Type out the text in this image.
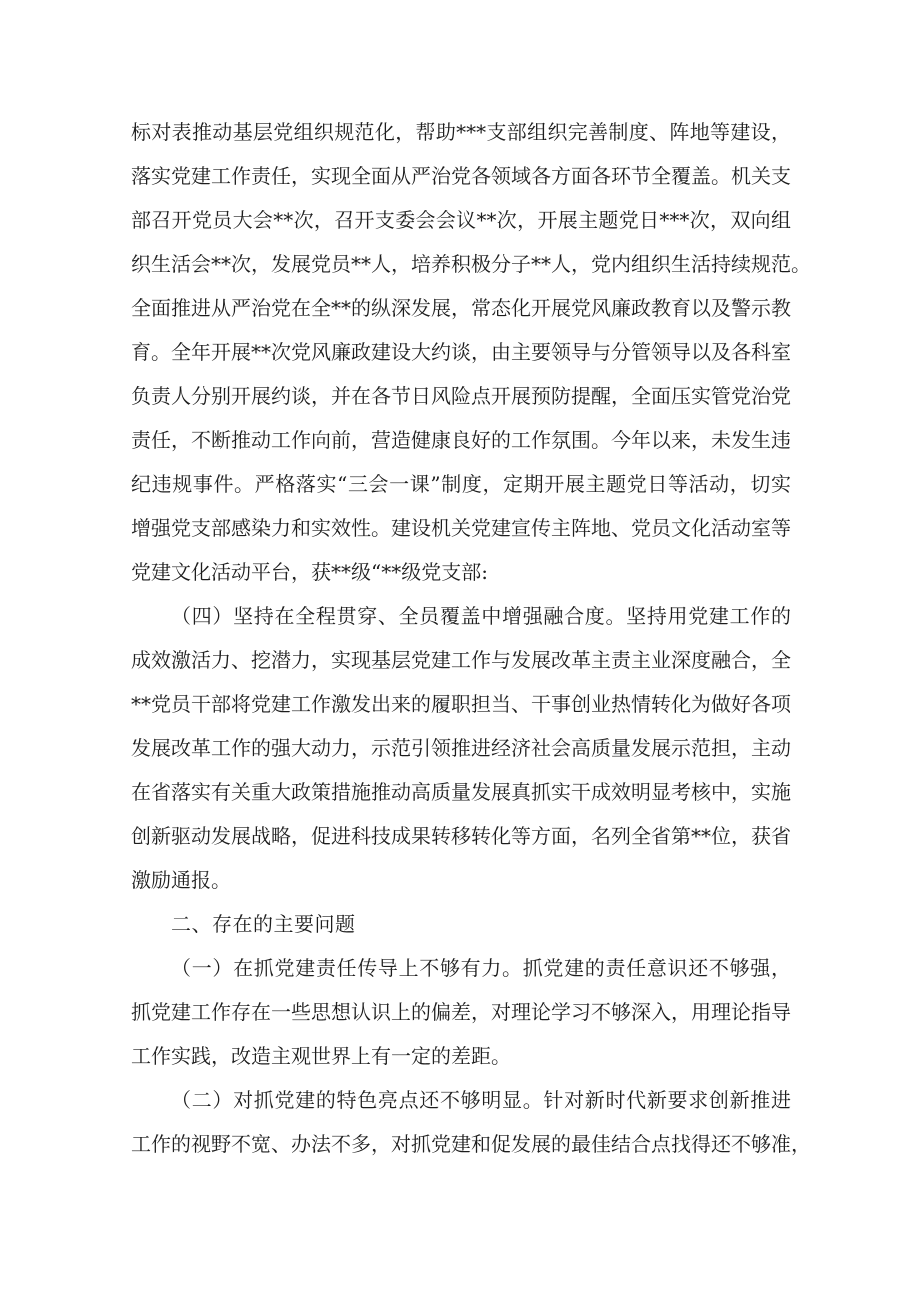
标对表推动基层党组织规范化，帮助***支部组织完善制度、阵地等建设，
落实党建工作责任，实现全面从严治党各领域各方面各环节全覆盖。机关支
部召开党员大会**次，召开支委会会议**次，开展主题党日***次，双向组
织生活会**次，发展党员**人，培养积极分子**人，党内组织生活持续规范。
全面推进从严治党在全**的纵深发展，常态化开展党风廉政教育以及警示教
育。全年开展**次党风廉政建设大约谈，由主要领导与分管领导以及各科室
负责人分别开展约谈，并在各节日风险点开展预防提醒，全面压实管党治党
责任，不断推动工作向前，营造健康良好的工作氛围。今年以来，未发生违
纪违规事件。严格落实“三会一课”制度，定期开展主题党日等活动，切实
增强党支部感染力和实效性。建设机关党建宣传主阵地、党员文化活动室等
党建文化活动平台，获**级“**级党支部:
（四）坚持在全程贯穿、全员覆盖中增强融合度。坚持用党建工作的
成效激活力、挖潜力，实现基层党建工作与发展改革主责主业深度融合，全
**党员干部将党建工作激发出来的履职担当、干事创业热情转化为做好各项
发展改革工作的强大动力，示范引领推进经济社会高质量发展示范担，主动
在省落实有关重大政策措施推动高质量发展真抓实干成效明显考核中，实施
创新驱动发展战略，促进科技成果转移转化等方面，名列全省第**位，获省
激励通报。
二、存在的主要问题
（一）在抓党建责任传导上不够有力。抓党建的责任意识还不够强，
抓党建工作存在一些思想认识上的偏差，对理论学习不够深入，用理论指导
工作实践，改造主观世界上有一定的差距。
（二）对抓党建的特色亮点还不够明显。针对新时代新要求创新推进
工作的视野不宽、办法不多，对抓党建和促发展的最佳结合点找得还不够准，
